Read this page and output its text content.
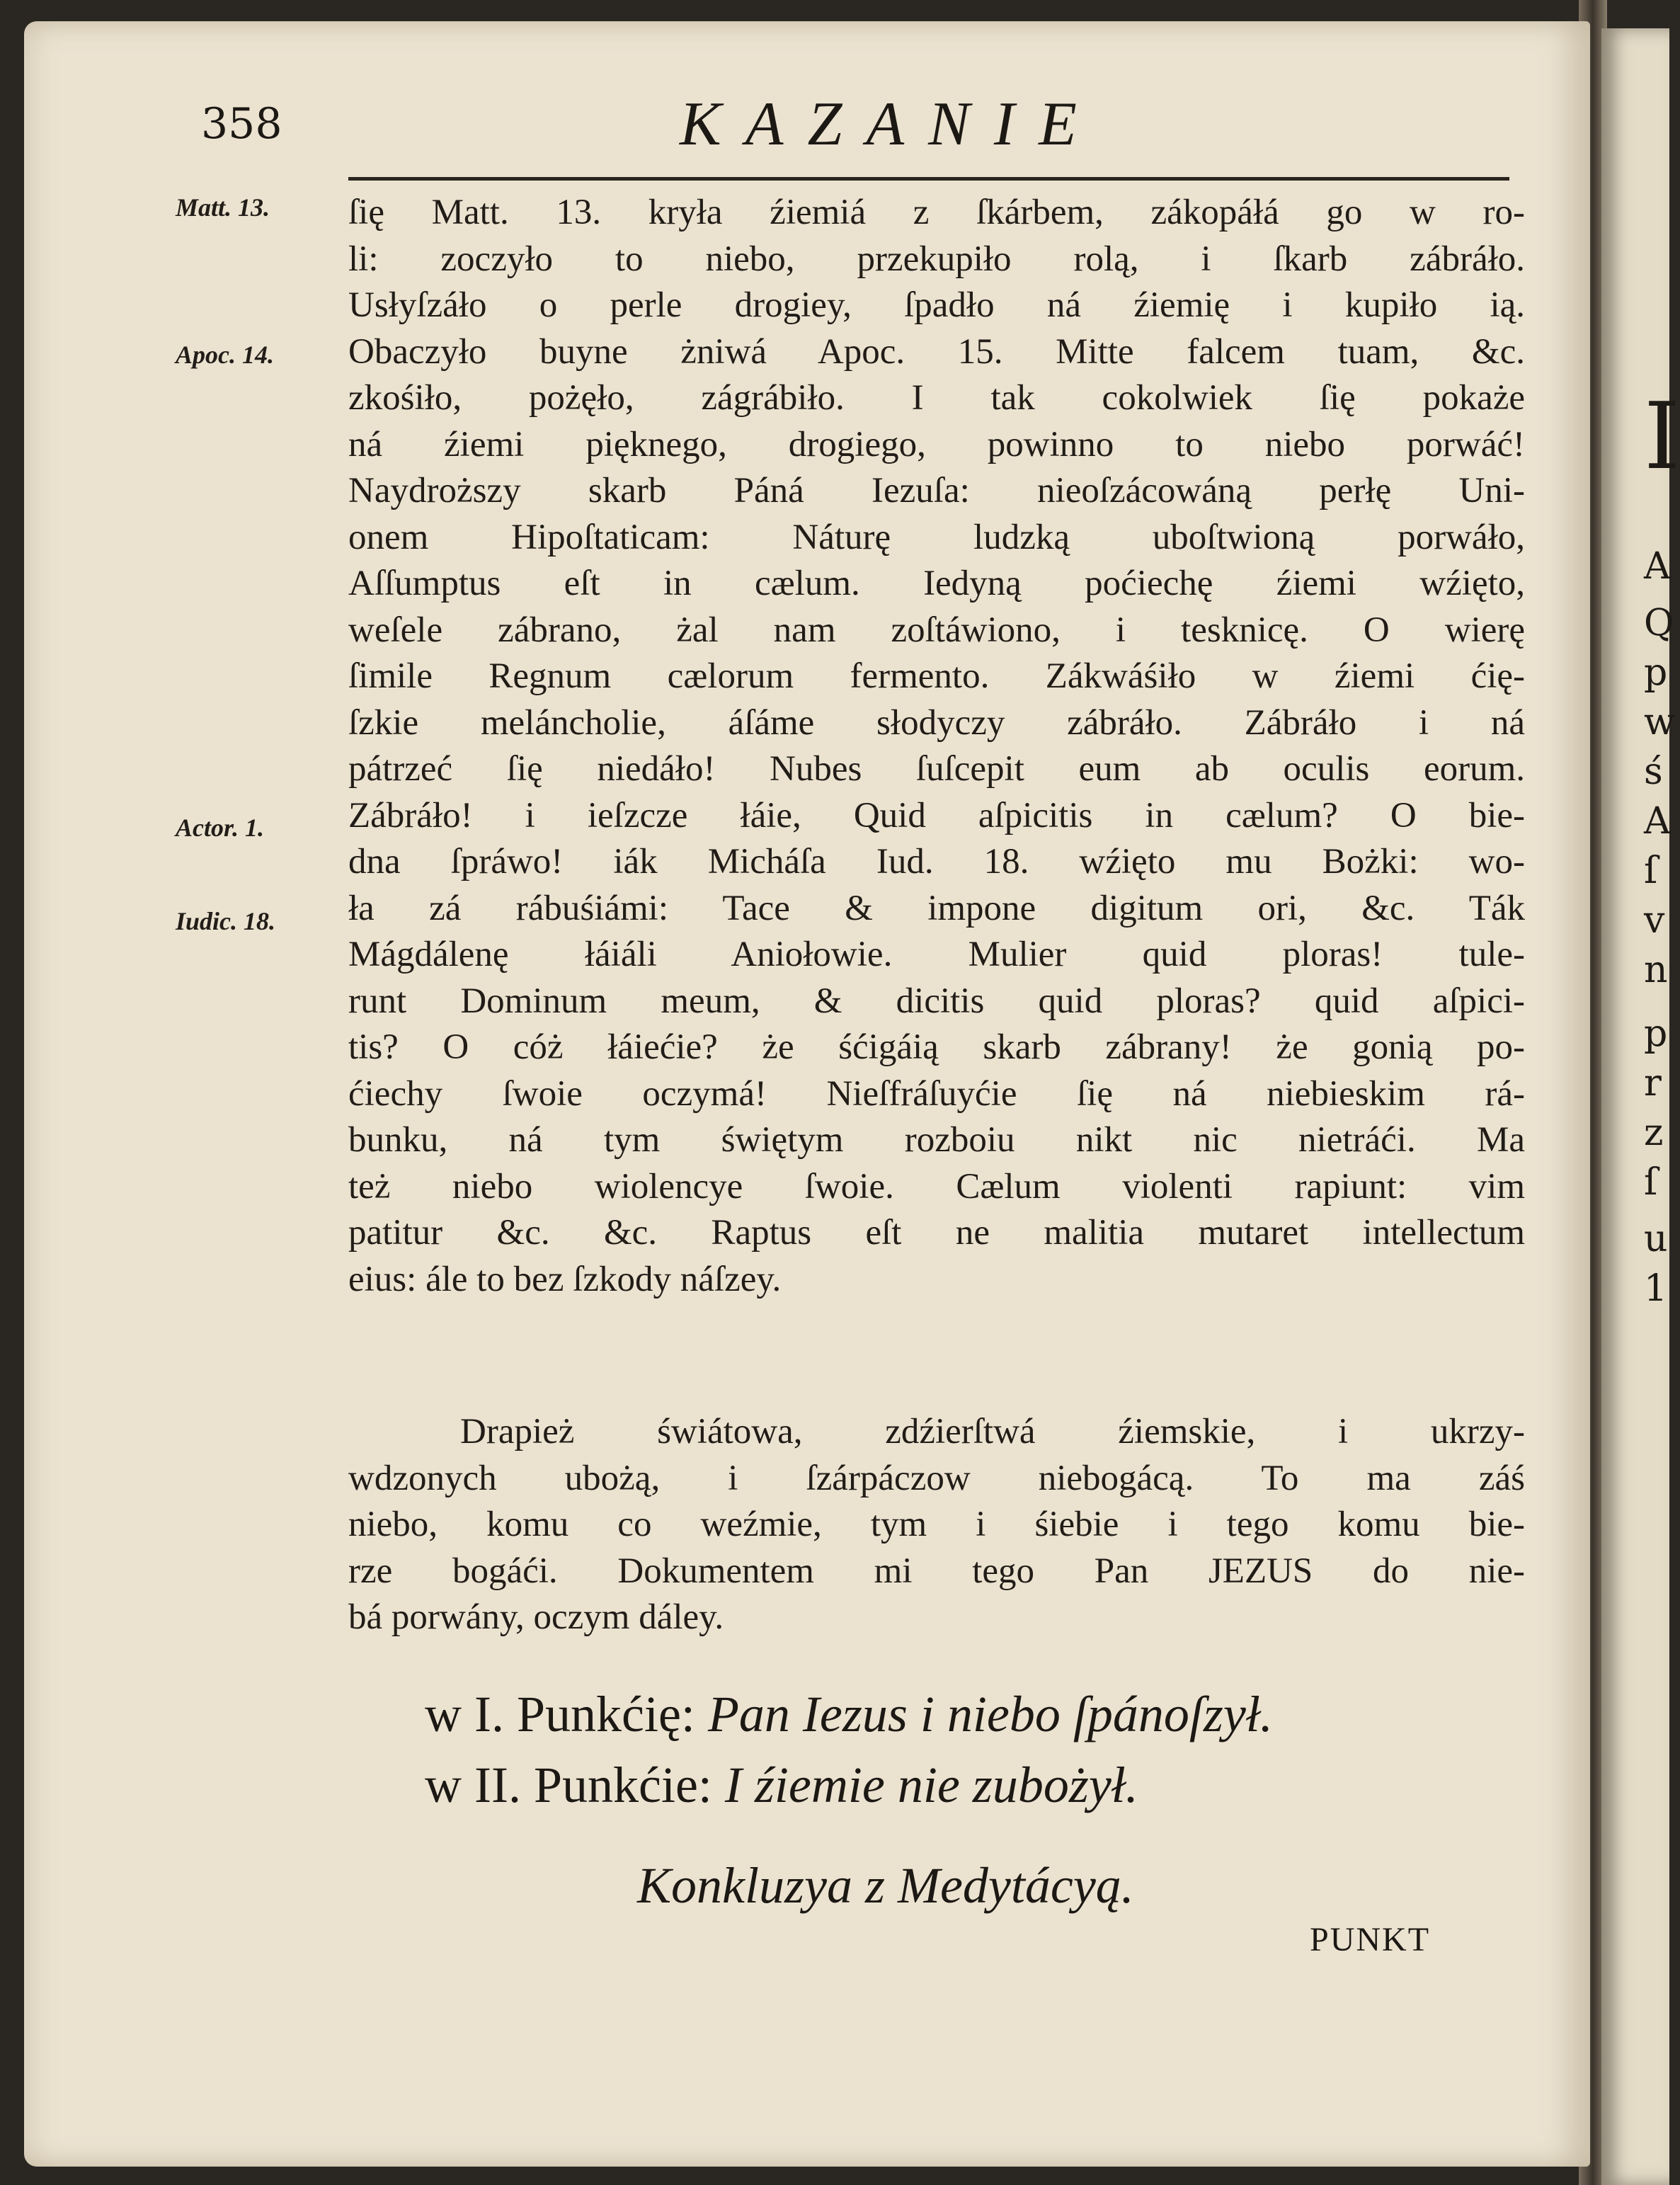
358	KAZANIE
Matt. 13.
Apoc. 14.
Actor. 1.
Iudic. 18.
ſię Matt. 13. kryła źiemiá z ſkárbem, zákopáłá go w ro-
li: zoczyło to niebo, przekupiło rolą, i ſkarb zábráło.
Usłyſzáło o perle drogiey, ſpadło ná źiemię i kupiło ią.
Obaczyło buyne żniwá Apoc. 15. Mitte falcem tuam, &c.
zkośiło, pożęło, zágrábiło. I tak cokolwiek ſię pokaże
ná źiemi pięknego, drogiego, powinno to niebo porwáć!
Naydroższy skarb Páná Iezuſa: nieoſzácowáną perłę Uni-
onem Hipoſtaticam: Náturę ludzką uboſtwioną porwáło,
Aſſumptus eſt in cælum. Iedyną poćiechę źiemi wźięto,
weſele zábrano, żal nam zoſtáwiono, i tesknicę. O wierę
ſimile Regnum cælorum fermento. Zákwáśiło w źiemi ćię-
ſzkie meláncholie, áſáme słodyczy zábráło. Zábráło i ná
pátrzeć ſię niedáło! Nubes ſuſcepit eum ab oculis eorum.
Zábráło! i ieſzcze łáie, Quid aſpicitis in cælum? O bie-
dna ſpráwo! iák Micháſa Iud. 18. wźięto mu Bożki: wo-
ła zá rábuśiámi: Tace & impone digitum ori, &c. Ták
Mágdálenę łáiáli Aniołowie. Mulier quid ploras! tule-
runt Dominum meum, & dicitis quid ploras? quid aſpici-
tis? O cóż łáiećie? że śćigáią skarb zábrany! że gonią po-
ćiechy ſwoie oczymá! Nieſfráſuyćie ſię ná niebieskim rá-
bunku, ná tym świętym rozboiu nikt nic nietráći. Ma
też niebo wiolencye ſwoie. Cælum violenti rapiunt: vim
patitur &c. &c. Raptus eſt ne malitia mutaret intellectum
eius: ále to bez ſzkody náſzey.
Drapież świátowa, zdźierſtwá źiemskie, i ukrzy-
wdzonych ubożą, i ſzárpáczow niebogácą. To ma záś
niebo, komu co weźmie, tym i śiebie i tego komu bie-
rze bogáći. Dokumentem mi tego Pan JEZUS do nie-
bá porwány, oczym dáley.
w I. Punkćię: Pan Iezus i niebo ſpánoſzył.
w II. Punkćie: I źiemie nie zubożył.
Konkluzya z Medytácyą.
PUNKT
I
A
Q
p
w
ś
A
ſ
v
n
p
r
z
ſ
u
1
